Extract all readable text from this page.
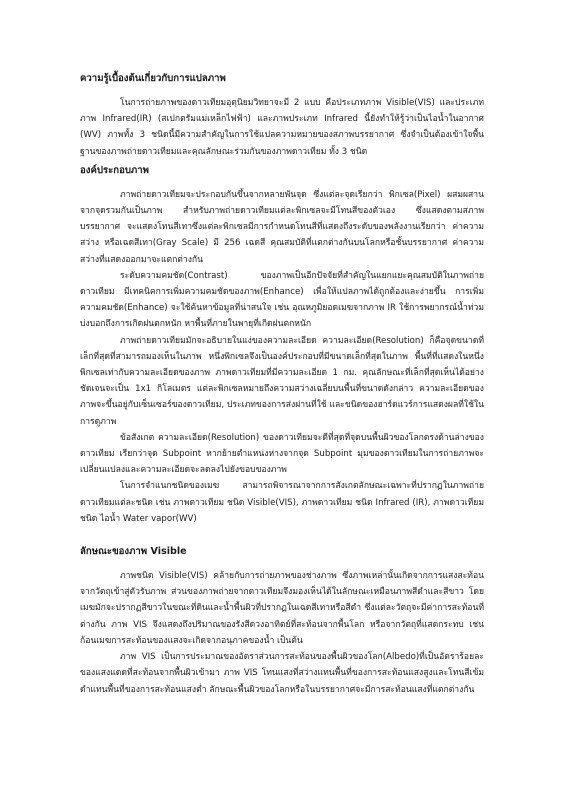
ความรู้เบื้องต้นเกี่ยวกับการแปลภาพ

โนการถ่ายภาพของดาวเทียมอุตุนิยมวิทยาจะมี 2 แบบ คือประเภทภาพ Visible(VIS) และประเภทภาพ Infrared(IR) (สเปกตรัมแม่เหล็กไฟฟ้า) และภาพประเภท Infrared นี้ยังทำให้รู้ว่าเป็นไอน้ำในอากาศ (WV) ภาพทั้ง 3 ชนิดนี้มีความสำคัญในการใช้แปลความหมายของสภาพบรรยากาศ ซึ่งจำเป็นต้องเข้าใจพื้นฐานของภาพถ่ายดาวเทียมและคุณลักษณะร่วมกันของภาพดาวเทียม ทั้ง 3 ชนิด

องค์ประกอบภาพ

ภาพถ่ายดาวเทียมจะประกอบกันขึ้นจากหลายพันจุด ซึ่งแต่ละจุดเรียกว่า พิกเซล(Pixel) ผสมผสานจากจุดรวมกันเป็นภาพ สำหรับภาพถ่ายดาวเทียมแต่ละพิกเซลจะมีโทนสีของตัวเอง ซึ่งแสดงตามสภาพบรรยากาศ จะแสดงโทนสีเทาซึ่งแต่ละพิกเซลมีการกำหนดโทนสีที่แสดงถึงระดับของพลังงานเรียกว่า ค่าความสว่าง หรือเฉดสีเทา(Gray Scale) มี 256 เฉดสี คุณสมบัติที่แตกต่างกันบนโลกหรือชั้นบรรยากาศ ค่าความสว่างที่แสดงออกมาจะแตกต่างกัน

ระดับความคมชัด(Contrast) ของภาพเป็นอีกปัจจัยที่สำคัญในแยกแยะคุณสมบัติในภาพถ่ายดาวเทียม มีเทคนิคการเพิ่มความคมชัดของภาพ(Enhance) เพื่อให้แปลภาพได้ถูกต้องและง่ายขึ้น การเพิ่มความคมชัด(Enhance) จะใช้ค้นหาข้อมูลที่น่าสนใจ เช่น อุณหภูมิยอดเมฆจากภาพ IR ใช้การพยากรณ์น้ำท่วมบ่งบอกถึงการเกิดฝนตกหนัก หาพื้นที่ภายในพายุที่เกิดฝนตกหนัก

ภาพถ่ายดาวเทียมมักจะอธิบายในแง่ของความละเอียด ความละเอียด(Resolution) ก็คือจุดขนาดที่เล็กที่สุดที่สามารถมองเห็นในภาพ หนึ่งพิกเซลจึงเป็นองค์ประกอบที่มีขนาดเล็กที่สุดในภาพ พื้นที่ที่แสดงในหนึ่งพิกเซลเท่ากับความละเอียดของภาพ ภาพดาวเทียมที่มีความละเอียด 1 กม. คุณลักษณะที่เล็กที่สุดเห็นได้อย่างชัดเจนจะเป็น 1x1 กิโลเมตร แต่ละพิกเซลหมายถึงความสว่างเฉลี่ยบนพื้นที่ขนาดดังกล่าว ความละเอียดของภาพจะขึ้นอยู่กับเซ็นเซอร์ของดาวเทียม, ประเภทของการส่งผ่านที่ใช้ และขนิดของฮาร์ดแวร์การแสดงผลที่ใช้ในการดูภาพ

ข้อสังเกต ความละเอียด(Resolution) ของดาวเทียมจะดีที่สุดที่จุดบนพื้นผิวของโลกตรงด้านล่างของดาวเทียม เรียกว่าจุด Subpoint หากย้ายตำแหน่งห่างจากจุด Subpoint มุมของดาวเทียมในการถ่ายภาพจะเปลี่ยนแปลงและความละเอียดจะลดลงไปยังขอบของภาพ

โนการจำแนกชนิดของเมฆ สามารถพิจารณาจากการสังเกตลักษณะเฉพาะที่ปรากฏในภาพถ่ายดาวเทียมแต่ละชนิด เช่น ภาพดาวเทียม ชนิด Visible(VIS), ภาพดาวเทียม ชนิด Infrared (IR), ภาพดาวเทียม ชนิด ไอน้ำ Water vapor(WV)

ลักษณะของภาพ Visible

ภาพชนิด Visible(VIS) คล้ายกับการถ่ายภาพของช่างภาพ ซึ่งภาพเหล่านั้นเกิดจากการแสงสะท้อนจากวัตถุเข้าสู่ตัวรับภาพ ส่วนของภาพถ่ายจากดาวเทียมจึงมองเห็นได้ในลักษณะเหมือนภาพสีดำและสีขาว โดยเมฆมักจะปรากฏสีขาวในขณะที่ดินและน้ำพื้นผิวที่ปรากฏในเฉดสีเทาหรือสีดำ ซึ่งแต่ละวัตถุจะมีค่าการสะท้อนที่ต่างกัน ภาพ VIS จึงแสดงถึงปริมาณของรังสีดวงอาทิตย์ที่สะท้อนจากพื้นโลก หรือจากวัตถุที่แสดกระทบ เช่น ก้อนเมฆการสะท้อนของแสงจะเกิดจากอนุภาคของน้ำ เป็นต้น

ภาพ VIS เป็นการประมาณของอัตราส่วนการสะท้อนของพื้นผิวของโลก(Albedo)ที่เป็นอัตราร้อยละของแสงแดดที่สะท้อนจากพื้นผิวเข้ามา ภาพ VIS โทนแสงที่สว่างแทนพื้นที่ของการสะท้อนแสงสูงและโทนสีเข้มดำแทนพื้นที่ของการสะท้อนแสงต่ำ ลักษณะพื้นผิวของโลกหรือในบรรยากาศจะมีการสะท้อนแสงที่แตกต่างกัน
